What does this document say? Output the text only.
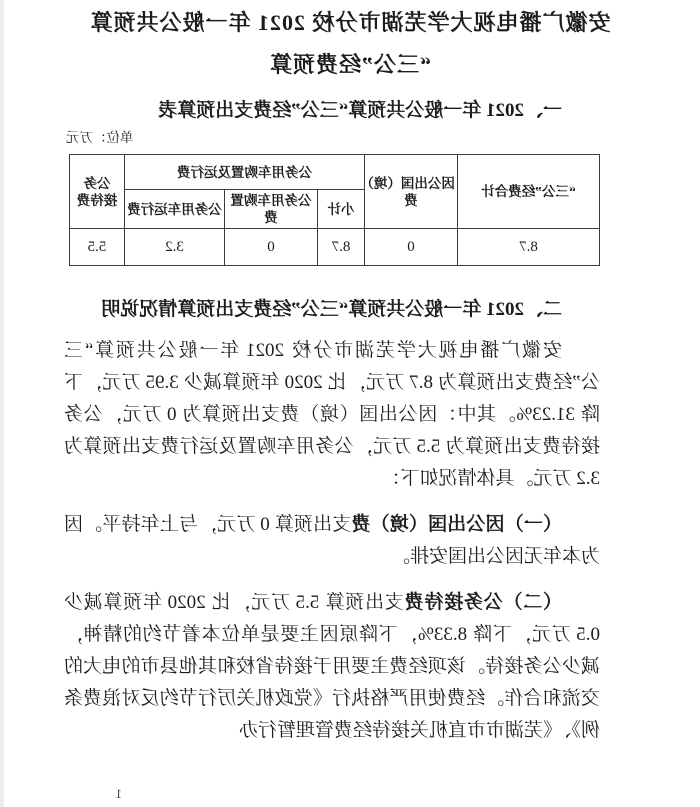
安徽广播电视大学芜湖市分校 2021 年一般公共预算
“三公”经费预算
一、2021 年一般公共预算“三公”经费支出预算表
单位：万元
“三公”经费合计	因公出国（境）费	公务用车购置及运行费			公务
接待费

		小计	公务用车购置费	公务用车运行费	
8.7	0	8.7	0	3.2	5.5
二、2021 年一般公共预算“三公”经费支出预算情况说明

安徽广播电视大学芜湖市分校 2021 年一般公共预算“三公”经费支出预算为 8.7 万元，比 2020 年预算减少 3.95 万元，下降 31.23%。其中：因公出国（境）费支出预算为 0 万元，公务接待费支出预算为 5.5 万元，公务用车购置及运行费支出预算为 3.2 万元。具体情况如下：

（一）因公出国（境）费支出预算 0 万元，与上年持平。因为本年无因公出国安排。

（二）公务接待费支出预算 5.5 万元，比 2020 年预算减少 0.5 万元，下降 8.33%，下降原因主要是单位本着节约的精神，减少公务接待。该项经费主要用于接待省校和其他县市的电大的交流和合作。经费使用严格执行《党政机关厉行节约反对浪费条例》、《芜湖市市直机关接待经费管理暂行办

1
